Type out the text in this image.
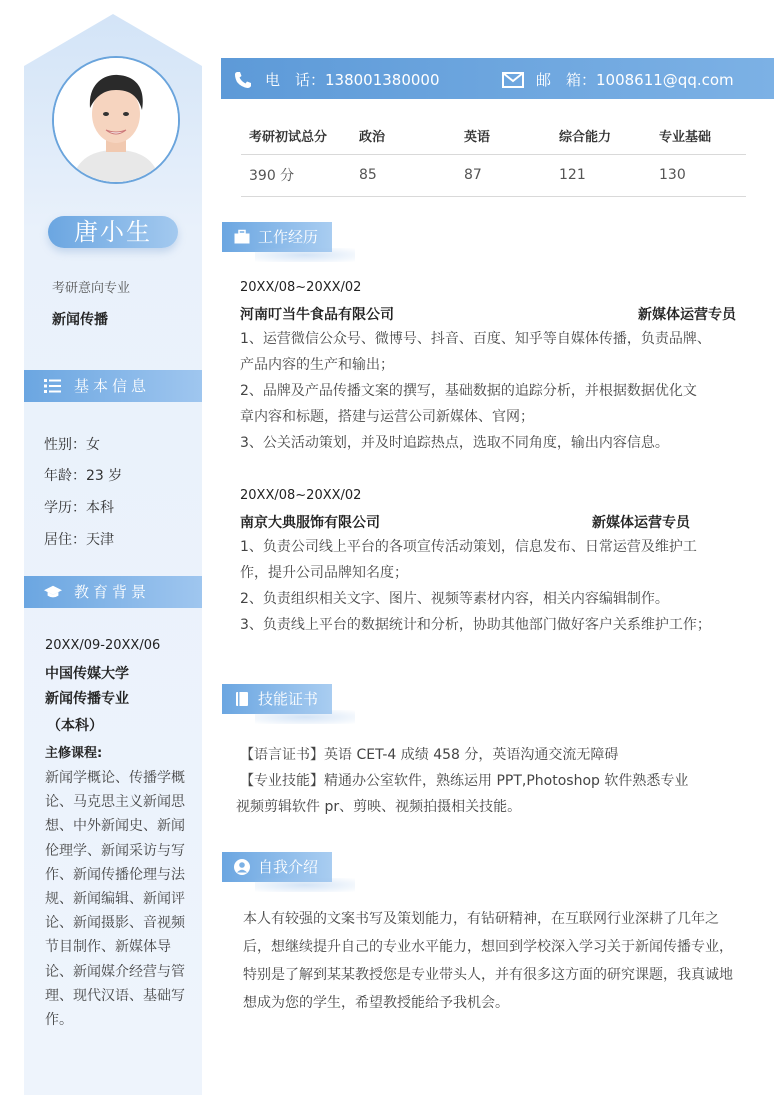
唐小生
考研意向专业
新闻传播
基本信息
性别：女
年龄：23 岁
学历：本科
居住：天津
教育背景
20XX/09-20XX/06
中国传媒大学
新闻传播专业
（本科）
主修课程:
新闻学概论、传播学概论、马克思主义新闻思想、中外新闻史、新闻伦理学、新闻采访与写作、新闻传播伦理与法规、新闻编辑、新闻评论、新闻摄影、音视频节目制作、新媒体导论、新闻媒介经营与管理、现代汉语、基础写作。
电　话：138001380000	邮　箱：1008611@qq.com
考研初试总分	政治	英语	综合能力	专业基础
390 分	85	87	121	130
工作经历
20XX/08~20XX/02
河南叮当牛食品有限公司	新媒体运营专员
1、运营微信公众号、微博号、抖音、百度、知乎等自媒体传播，负责品牌、
产品内容的生产和输出；
2、品牌及产品传播文案的撰写，基础数据的追踪分析，并根据数据优化文
章内容和标题，搭建与运营公司新媒体、官网；
3、公关活动策划，并及时追踪热点，选取不同角度，输出内容信息。
20XX/08~20XX/02
南京大典服饰有限公司	新媒体运营专员
1、负责公司线上平台的各项宣传活动策划，信息发布、日常运营及维护工
作，提升公司品牌知名度；
2、负责组织相关文字、图片、视频等素材内容，相关内容编辑制作。
3、负责线上平台的数据统计和分析，协助其他部门做好客户关系维护工作；
技能证书
【语言证书】英语 CET-4 成绩 458 分，英语沟通交流无障碍
【专业技能】精通办公室软件，熟练运用 PPT,Photoshop 软件熟悉专业
视频剪辑软件 pr、剪映、视频拍摄相关技能。
自我介绍
本人有较强的文案书写及策划能力，有钻研精神，在互联网行业深耕了几年之后，想继续提升自己的专业水平能力，想回到学校深入学习关于新闻传播专业，特别是了解到某某教授您是专业带头人，并有很多这方面的研究课题，我真诚地想成为您的学生，希望教授能给予我机会。
